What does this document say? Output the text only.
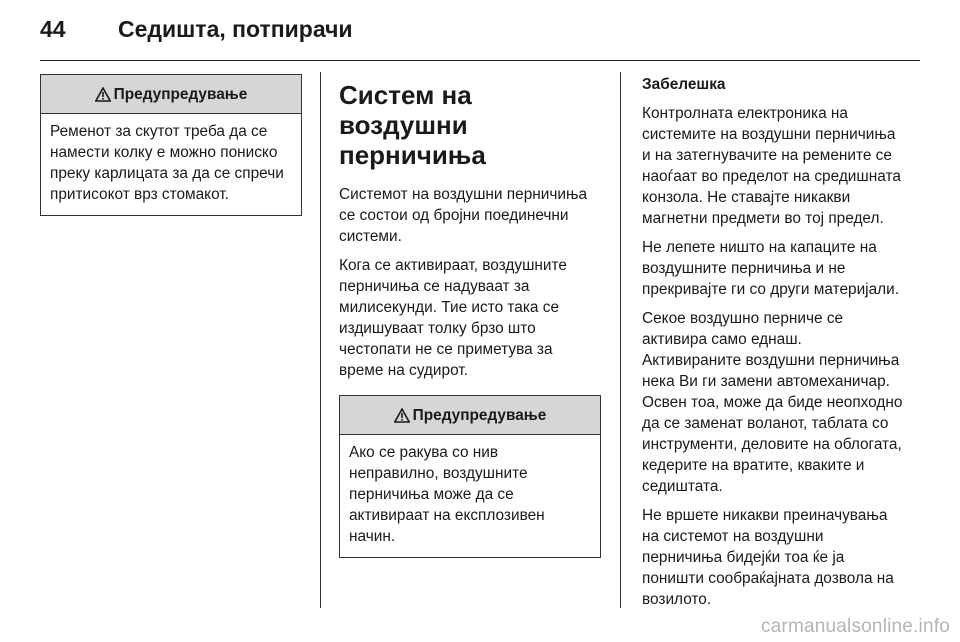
44 Седишта, потпирачи
Предупредување
Ременот за скутот треба да се намести колку е можно пониско преку карлицата за да се спречи притисокот врз стомакот.
Систем на воздушни перничиња

Системот на воздушни перничиња се состои од бројни поединечни системи.

Кога се активираат, воздушните перничиња се надуваат за милисекунди. Тие исто така се издишуваат толку брзо што честопати не се приметува за време на судирот.

Предупредување
Ако се ракува со нив неправилно, воздушните перничиња може да се активираат на експлозивен начин.

Забелешка

Контролната електроника на системите на воздушни перничиња и на затегнувачите на ремените се наоѓаат во пределот на средишната конзола. Не ставајте никакви магнетни предмети во тој предел.

Не лепете ништо на капаците на воздушните перничиња и не прекривајте ги со други материјали.

Секое воздушно перниче се активира само еднаш. Активираните воздушни перничиња нека Ви ги замени автомеханичар. Освен тоа, може да биде неопходно да се заменат воланот, таблата со инструменти, деловите на облогата, кедерите на вратите, кваките и седиштата.

Не вршете никакви преиначувања на системот на воздушни перничиња бидејќи тоа ќе ја поништи сообраќајната дозвола на возилото.

carmanualsonline.info
